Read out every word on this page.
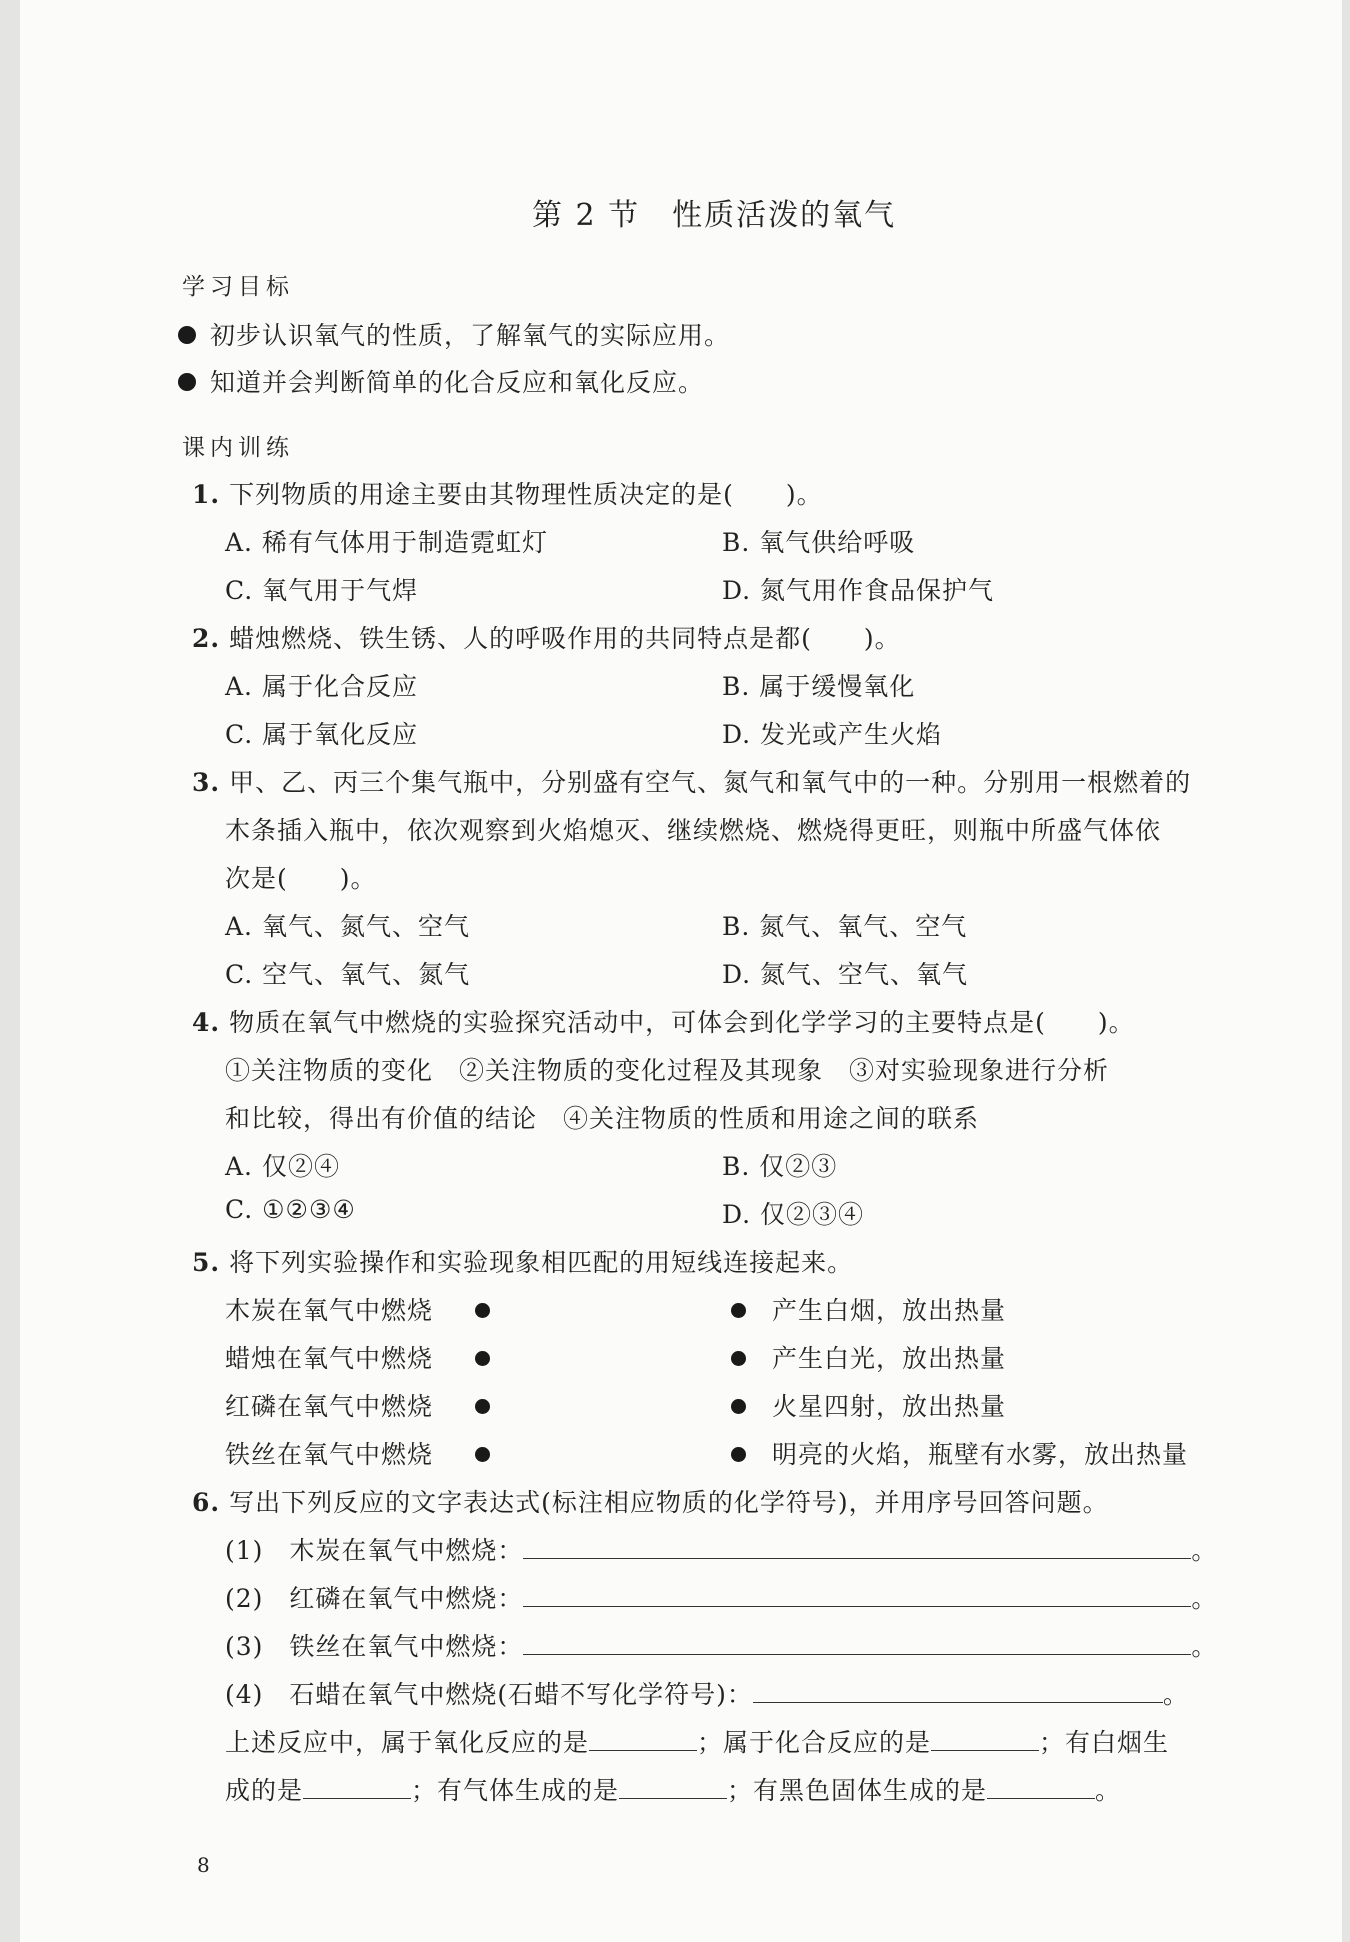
第 2 节　性质活泼的氧气
学习目标
初步认识氧气的性质，了解氧气的实际应用。
知道并会判断简单的化合反应和氧化反应。
课内训练
1. 下列物质的用途主要由其物理性质决定的是(　　)。
A. 稀有气体用于制造霓虹灯	B. 氧气供给呼吸
C. 氧气用于气焊	D. 氮气用作食品保护气
2. 蜡烛燃烧、铁生锈、人的呼吸作用的共同特点是都(　　)。
A. 属于化合反应	B. 属于缓慢氧化
C. 属于氧化反应	D. 发光或产生火焰
3. 甲、乙、丙三个集气瓶中，分别盛有空气、氮气和氧气中的一种。分别用一根燃着的
木条插入瓶中，依次观察到火焰熄灭、继续燃烧、燃烧得更旺，则瓶中所盛气体依
次是(　　)。
A. 氧气、氮气、空气	B. 氮气、氧气、空气
C. 空气、氧气、氮气	D. 氮气、空气、氧气
4. 物质在氧气中燃烧的实验探究活动中，可体会到化学学习的主要特点是(　　)。
①关注物质的变化　②关注物质的变化过程及其现象　③对实验现象进行分析
和比较，得出有价值的结论　④关注物质的性质和用途之间的联系
A. 仅②④	B. 仅②③
C. ①②③④	D. 仅②③④
5. 将下列实验操作和实验现象相匹配的用短线连接起来。
木炭在氧气中燃烧	产生白烟，放出热量
蜡烛在氧气中燃烧	产生白光，放出热量
红磷在氧气中燃烧	火星四射，放出热量
铁丝在氧气中燃烧	明亮的火焰，瓶壁有水雾，放出热量
6. 写出下列反应的文字表达式(标注相应物质的化学符号)，并用序号回答问题。
(1)　木炭在氧气中燃烧：	。
(2)　红磷在氧气中燃烧：	。
(3)　铁丝在氧气中燃烧：	。
(4)　石蜡在氧气中燃烧(石蜡不写化学符号)：	。
上述反应中，属于氧化反应的是	；属于化合反应的是	；有白烟生
成的是	；有气体生成的是	；有黑色固体生成的是	。
8
